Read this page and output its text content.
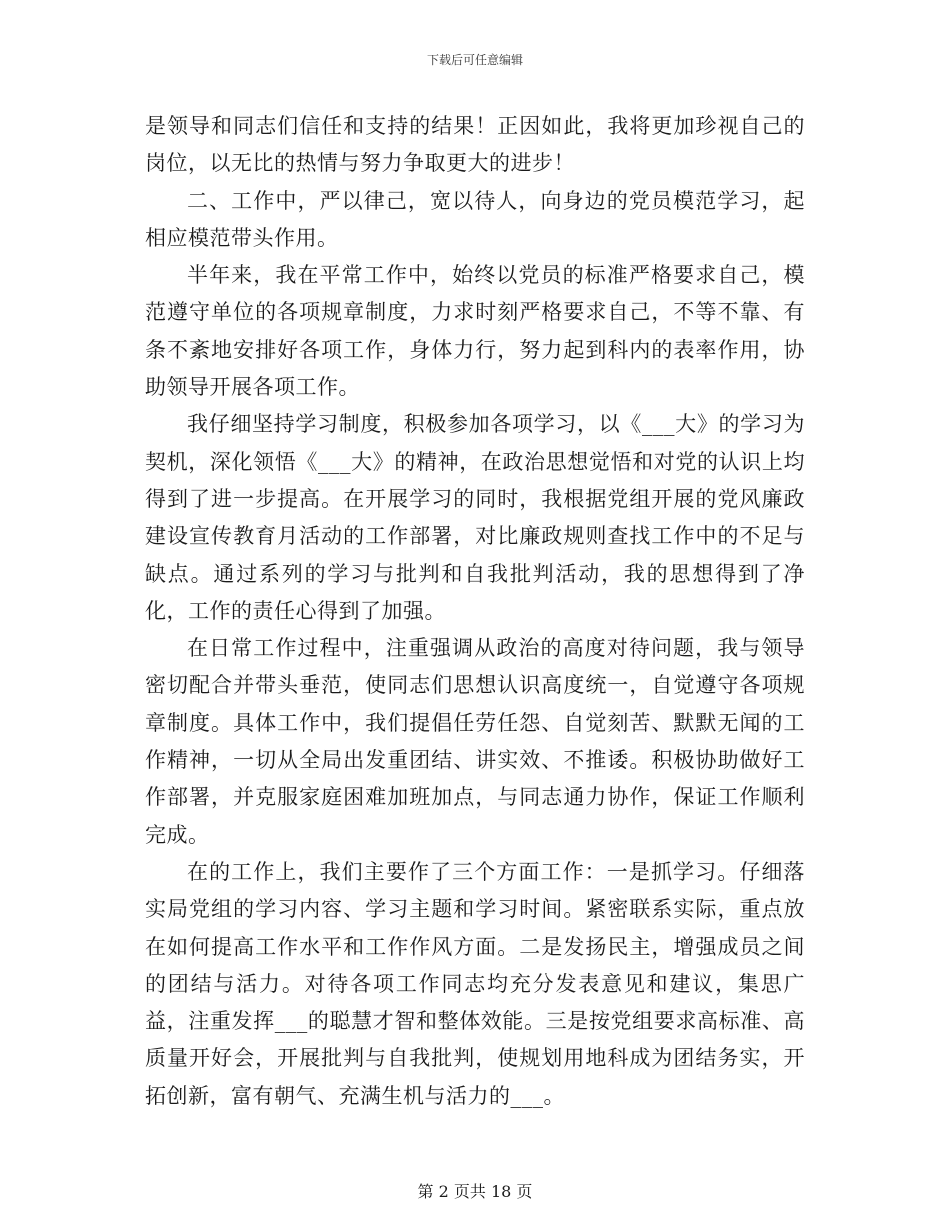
下载后可任意编辑

是领导和同志们信任和支持的结果！正因如此，我将更加珍视自己的岗位，以无比的热情与努力争取更大的进步！

二、工作中，严以律己，宽以待人，向身边的党员模范学习，起相应模范带头作用。

半年来，我在平常工作中，始终以党员的标准严格要求自己，模范遵守单位的各项规章制度，力求时刻严格要求自己，不等不靠、有条不紊地安排好各项工作，身体力行，努力起到科内的表率作用，协助领导开展各项工作。

我仔细坚持学习制度，积极参加各项学习，以《___大》的学习为契机，深化领悟《___大》的精神，在政治思想觉悟和对党的认识上均得到了进一步提高。在开展学习的同时，我根据党组开展的党风廉政建设宣传教育月活动的工作部署，对比廉政规则查找工作中的不足与缺点。通过系列的学习与批判和自我批判活动，我的思想得到了净化，工作的责任心得到了加强。

在日常工作过程中，注重强调从政治的高度对待问题，我与领导密切配合并带头垂范，使同志们思想认识高度统一，自觉遵守各项规章制度。具体工作中，我们提倡任劳任怨、自觉刻苦、默默无闻的工作精神，一切从全局出发重团结、讲实效、不推诿。积极协助做好工作部署，并克服家庭困难加班加点，与同志通力协作，保证工作顺利完成。

在的工作上，我们主要作了三个方面工作：一是抓学习。仔细落实局党组的学习内容、学习主题和学习时间。紧密联系实际，重点放在如何提高工作水平和工作作风方面。二是发扬民主，增强成员之间的团结与活力。对待各项工作同志均充分发表意见和建议，集思广益，注重发挥___的聪慧才智和整体效能。三是按党组要求高标准、高质量开好会，开展批判与自我批判，使规划用地科成为团结务实，开拓创新，富有朝气、充满生机与活力的___。

第 2 页共 18 页
